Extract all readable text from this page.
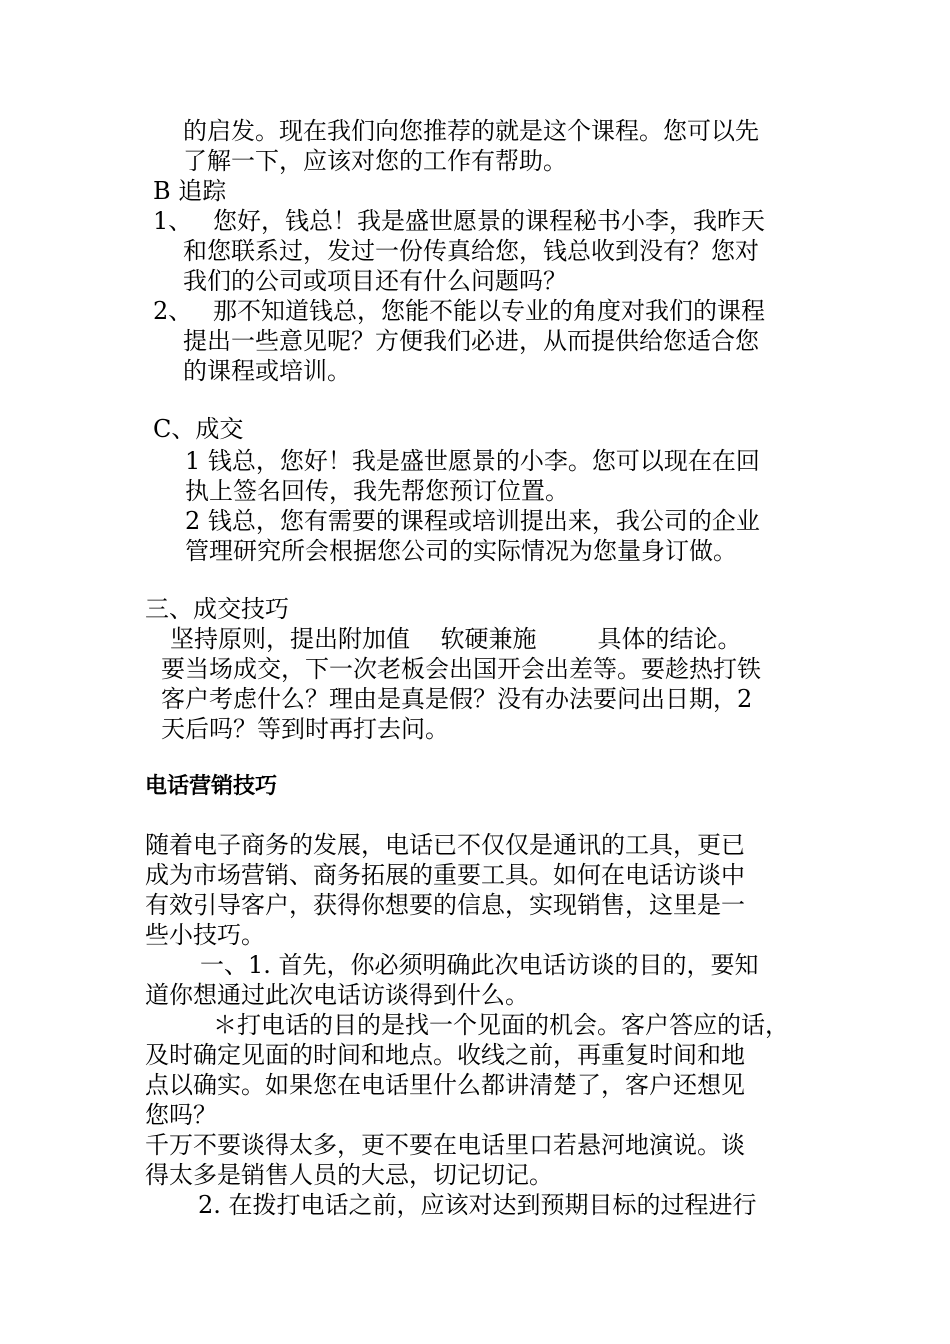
的启发。现在我们向您推荐的就是这个课程。您可以先
了解一下，应该对您的工作有帮助。
B 追踪
1、 您好，钱总！我是盛世愿景的课程秘书小李，我昨天
和您联系过，发过一份传真给您，钱总收到没有？您对
我们的公司或项目还有什么问题吗？
2、 那不知道钱总，您能不能以专业的角度对我们的课程
提出一些意见呢？方便我们必进，从而提供给您适合您
的课程或培训。
C、成交
1 钱总，您好！我是盛世愿景的小李。您可以现在在回
执上签名回传，我先帮您预订位置。
2 钱总，您有需要的课程或培训提出来，我公司的企业
管理研究所会根据您公司的实际情况为您量身订做。
三、成交技巧
坚持原则，提出附加值    软硬兼施        具体的结论。
要当场成交，下一次老板会出国开会出差等。要趁热打铁
客户考虑什么？理由是真是假？没有办法要问出日期，2
天后吗？等到时再打去问。
电话营销技巧
随着电子商务的发展，电话已不仅仅是通讯的工具，更已
成为市场营销、商务拓展的重要工具。如何在电话访谈中
有效引导客户，获得你想要的信息，实现销售，这里是一
些小技巧。
一、1. 首先，你必须明确此次电话访谈的目的，要知
道你想通过此次电话访谈得到什么。
＊打电话的目的是找一个见面的机会。客户答应的话，
及时确定见面的时间和地点。收线之前，再重复时间和地
点以确实。如果您在电话里什么都讲清楚了，客户还想见
您吗？
千万不要谈得太多，更不要在电话里口若悬河地演说。谈
得太多是销售人员的大忌，切记切记。
2. 在拨打电话之前，应该对达到预期目标的过程进行
